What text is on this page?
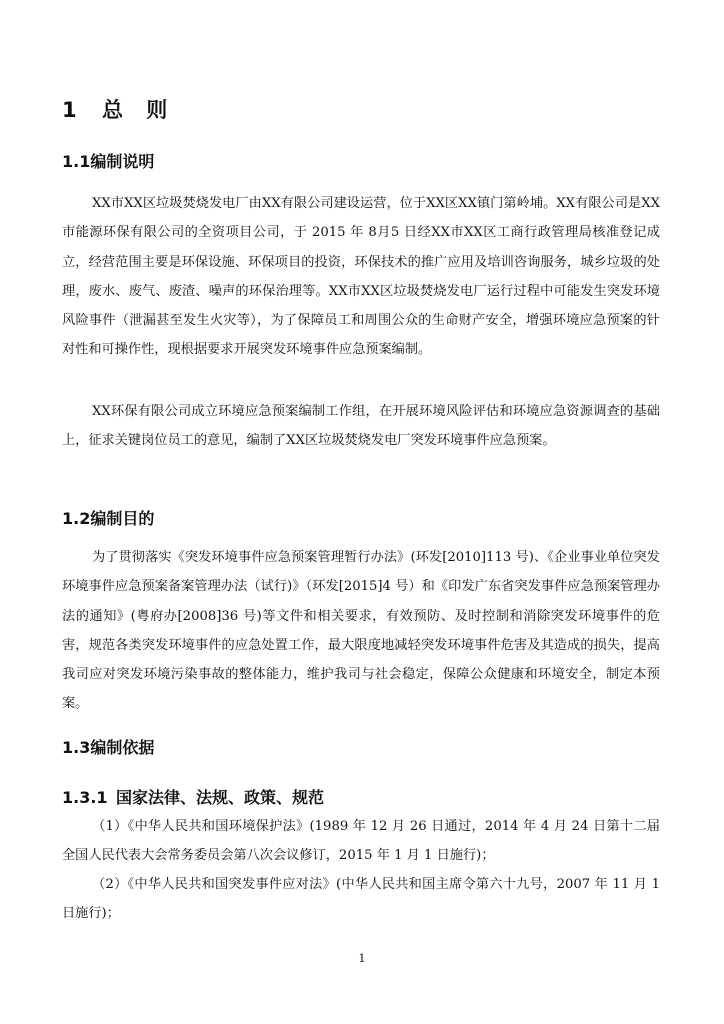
1 总 则
1.1编制说明

XX市XX区垃圾焚烧发电厂由XX有限公司建设运营，位于XX区XX镇门第岭埔。XX有限公司是XX市能源环保有限公司的全资项目公司，于 2015 年 8月5 日经XX市XX区工商行政管理局核准登记成立，经营范围主要是环保设施、环保项目的投资，环保技术的推广应用及培训咨询服务，城乡垃圾的处理，废水、废气、废渣、噪声的环保治理等。XX市XX区垃圾焚烧发电厂运行过程中可能发生突发环境风险事件（泄漏甚至发生火灾等），为了保障员工和周围公众的生命财产安全，增强环境应急预案的针对性和可操作性，现根据要求开展突发环境事件应急预案编制。

XX环保有限公司成立环境应急预案编制工作组，在开展环境风险评估和环境应急资源调查的基础上，征求关键岗位员工的意见，编制了XX区垃圾焚烧发电厂突发环境事件应急预案。

1.2编制目的

为了贯彻落实《突发环境事件应急预案管理暂行办法》(环发[2010]113 号)、《企业事业单位突发环境事件应急预案备案管理办法（试行)》（环发[2015]4 号）和《印发广东省突发事件应急预案管理办法的通知》(粤府办[2008]36 号)等文件和相关要求，有效预防、及时控制和消除突发环境事件的危害，规范各类突发环境事件的应急处置工作，最大限度地减轻突发环境事件危害及其造成的损失，提高我司应对突发环境污染事故的整体能力，维护我司与社会稳定，保障公众健康和环境安全，制定本预案。

1.3编制依据
1.3.1 国家法律、法规、政策、规范

（1）《中华人民共和国环境保护法》(1989 年 12 月 26 日通过，2014 年 4 月 24 日第十二届全国人民代表大会常务委员会第八次会议修订，2015 年 1 月 1 日施行)；

（2）《中华人民共和国突发事件应对法》(中华人民共和国主席令第六十九号，2007 年 11 月 1 日施行)；

1
